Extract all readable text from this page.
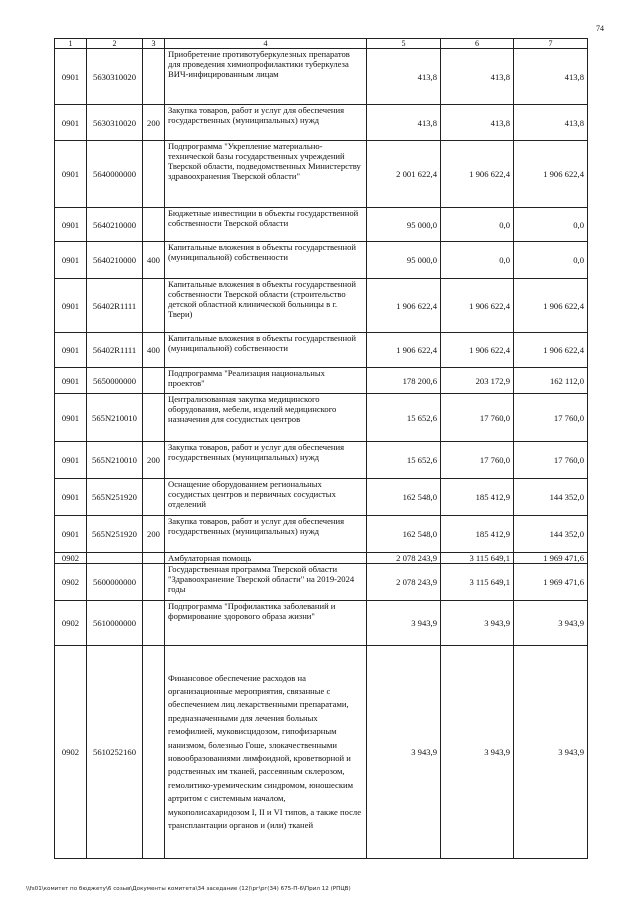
74
1	2	3	4	5	6	7
0901	5630310020		Приобретение противотуберкулезных препаратов для проведения химиопрофилактики туберкулеза ВИЧ-инфицированным лицам	413,8	413,8	413,8
0901	5630310020	200	Закупка товаров, работ и услуг для обеспечения государственных (муниципальных) нужд	413,8	413,8	413,8
0901	5640000000		Подпрограмма "Укрепление материально-технической базы государственных учреждений Тверской области, подведомственных Министерству здравоохранения Тверской области"	2 001 622,4	1 906 622,4	1 906 622,4
0901	5640210000		Бюджетные инвестиции в объекты государственной собственности Тверской области	95 000,0	0,0	0,0
0901	5640210000	400	Капитальные вложения в объекты государственной (муниципальной) собственности	95 000,0	0,0	0,0
0901	56402R1111		Капитальные вложения в объекты государственной собственности Тверской области (строительство детской областной клинической больницы в г. Твери)	1 906 622,4	1 906 622,4	1 906 622,4
0901	56402R1111	400	Капитальные вложения в объекты государственной (муниципальной) собственности	1 906 622,4	1 906 622,4	1 906 622,4
0901	5650000000		Подпрограмма "Реализация национальных проектов"	178 200,6	203 172,9	162 112,0
0901	565N210010		Централизованная закупка медицинского оборудования, мебели, изделий медицинского назначения для сосудистых центров	15 652,6	17 760,0	17 760,0
0901	565N210010	200	Закупка товаров, работ и услуг для обеспечения государственных (муниципальных) нужд	15 652,6	17 760,0	17 760,0
0901	565N251920		Оснащение оборудованием региональных сосудистых центров и первичных сосудистых отделений	162 548,0	185 412,9	144 352,0
0901	565N251920	200	Закупка товаров, работ и услуг для обеспечения государственных (муниципальных) нужд	162 548,0	185 412,9	144 352,0
0902			Амбулаторная помощь	2 078 243,9	3 115 649,1	1 969 471,6
0902	5600000000		Государственная программа Тверской области "Здравоохранение Тверской области" на 2019-2024 годы	2 078 243,9	3 115 649,1	1 969 471,6
0902	5610000000		Подпрограмма "Профилактика заболеваний и формирование здорового образа жизни"	3 943,9	3 943,9	3 943,9
0902	5610252160		Финансовое обеспечение расходов на организационные мероприятия, связанные с обеспечением лиц лекарственными препаратами, предназначенными для лечения больных гемофилией, муковисцидозом, гипофизарным нанизмом, болезнью Гоше, злокачественными новообразованиями лимфоидной, кроветворной и родственных им тканей, рассеянным склерозом, гемолитико-уремическим синдромом, юношеским артритом с системным началом, мукополисахаридозом I, II и VI типов, а также после трансплантации органов и (или) тканей	3 943,9	3 943,9	3 943,9
\\fs01\комитет по бюджету\6 созыв\Документы комитета\34 заседание (12)\рг\рг(34) 675-П-6\Прил 12 (РПЦВ)
